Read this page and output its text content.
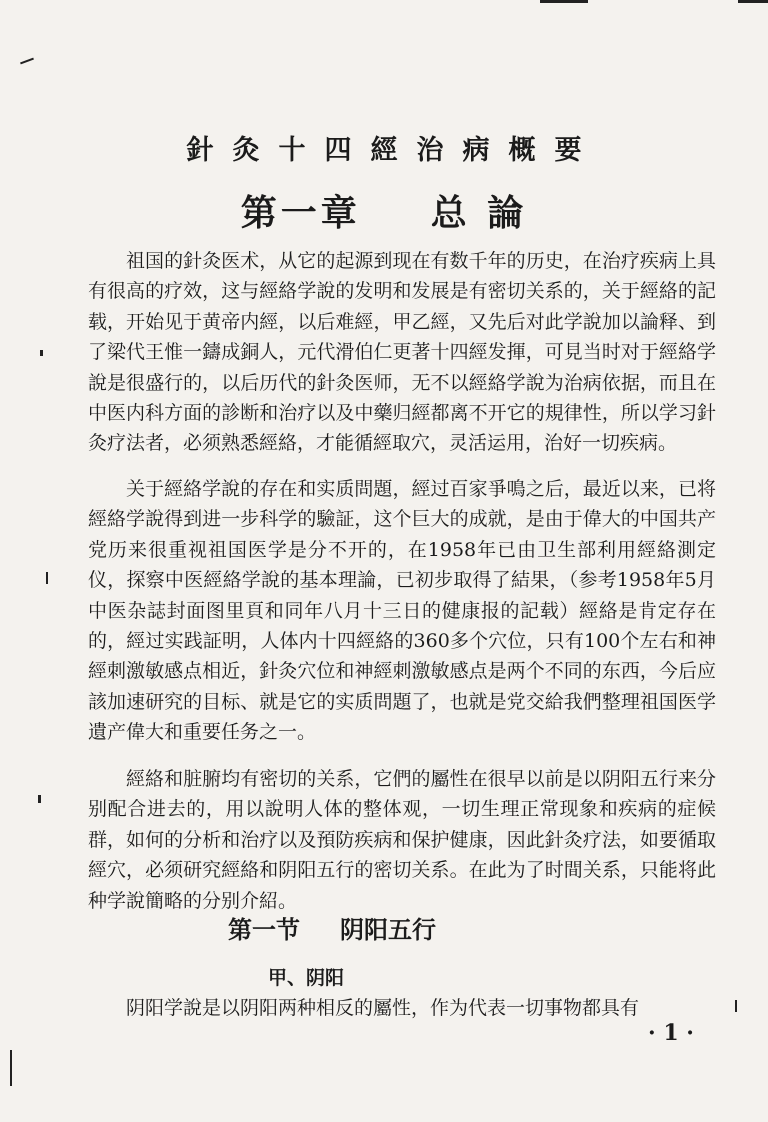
針灸十四經治病概要
第一章 总 論

祖国的針灸医术，从它的起源到现在有数千年的历史，在治疗疾病上具有很高的疗效，这与經絡学說的发明和发展是有密切关系的，关于經絡的記载，开始见于黄帝内經，以后难經，甲乙經，又先后对此学說加以論释、到了梁代王惟一鑄成銅人，元代滑伯仁更著十四經发揮，可見当时对于經絡学說是很盛行的，以后历代的針灸医师，无不以經絡学說为治病依据，而且在中医内科方面的診断和治疗以及中藥归經都离不开它的規律性，所以学习針灸疗法者，必须熟悉經絡，才能循經取穴，灵活运用，治好一切疾病。

关于經絡学說的存在和实质問題，經过百家爭鳴之后，最近以来，已将經絡学說得到进一步科学的驗証，这个巨大的成就，是由于偉大的中国共产党历来很重视祖国医学是分不开的，在1958年已由卫生部利用經絡測定仪，探察中医經絡学說的基本理論，已初步取得了結果，（参考1958年5月中医杂誌封面图里頁和同年八月十三日的健康报的記载）經絡是肯定存在的，經过实践証明，人体内十四經絡的360多个穴位，只有100个左右和神經刺激敏感点相近，針灸穴位和神經刺激敏感点是两个不同的东西，今后应該加速研究的目标、就是它的实质問題了，也就是党交給我們整理祖国医学遺产偉大和重要任务之一。

經絡和脏腑均有密切的关系，它們的屬性在很早以前是以阴阳五行来分别配合进去的，用以說明人体的整体观，一切生理正常现象和疾病的症候群，如何的分析和治疗以及預防疾病和保护健康，因此針灸疗法，如要循取經穴，必须研究經絡和阴阳五行的密切关系。在此为了时間关系，只能将此种学說簡略的分别介紹。

第一节 阴阳五行
甲、阴阳

阴阳学說是以阴阳两种相反的屬性，作为代表一切事物都具有

· 1 ·
